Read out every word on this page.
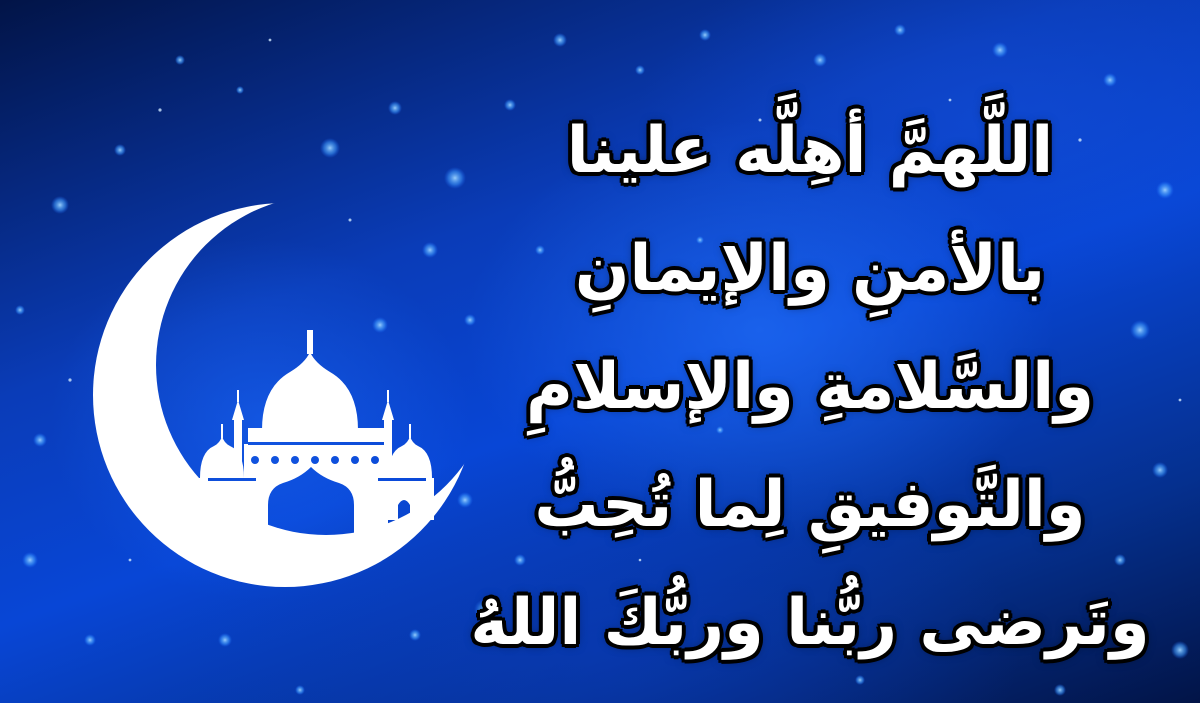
اللَّهمَّ أهِلَّه علينا
بالأمنِ والإيمانِ
والسَّلامةِ والإسلامِ
والتَّوفيقِ لِما تُحِبُّ
وتَرضى ربُّنا وربُّكَ اللهُ
